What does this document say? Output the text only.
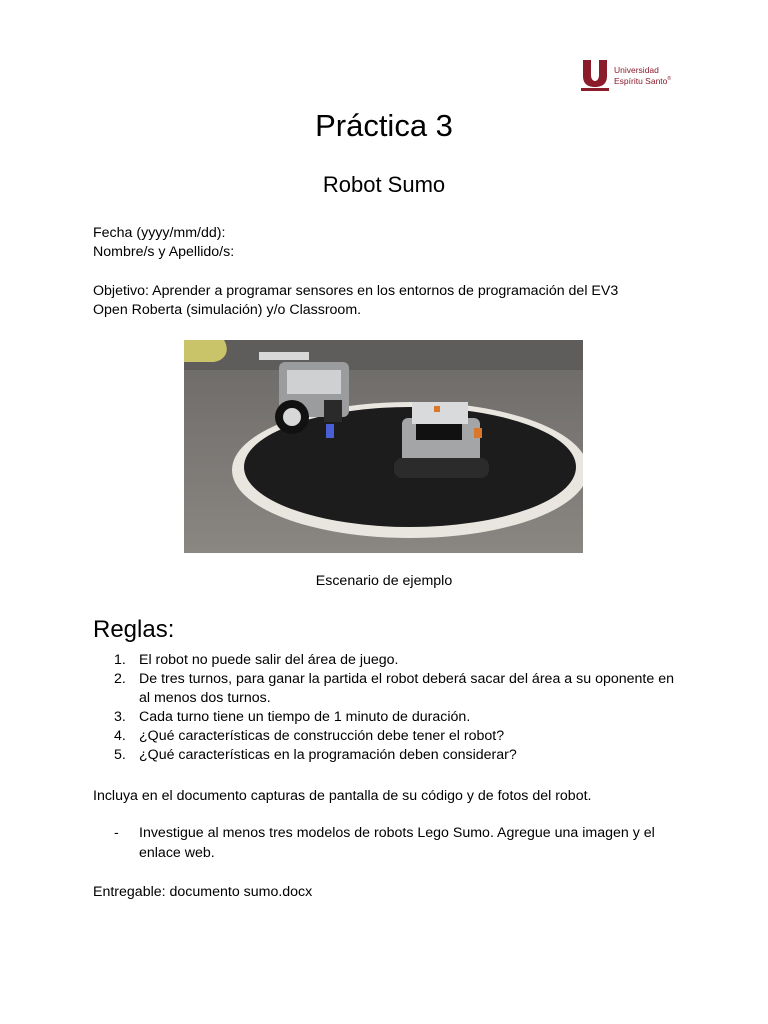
Universidad
Espíritu Santo®
Práctica 3
Robot Sumo
Fecha (yyyy/mm/dd):
Nombre/s y Apellido/s:
Objetivo: Aprender a programar sensores en los entornos de programación del EV3
Open Roberta (simulación) y/o Classroom.
Escenario de ejemplo
Reglas:
1. El robot no puede salir del área de juego.
2. De tres turnos, para ganar la partida el robot deberá sacar del área a su oponente en al menos dos turnos.
3. Cada turno tiene un tiempo de 1 minuto de duración.
4. ¿Qué características de construcción debe tener el robot?
5. ¿Qué características en la programación deben considerar?
Incluya en el documento capturas de pantalla de su código y de fotos del robot.
-	Investigue al menos tres modelos de robots Lego Sumo. Agregue una imagen y el enlace web.
Entregable: documento sumo.docx
